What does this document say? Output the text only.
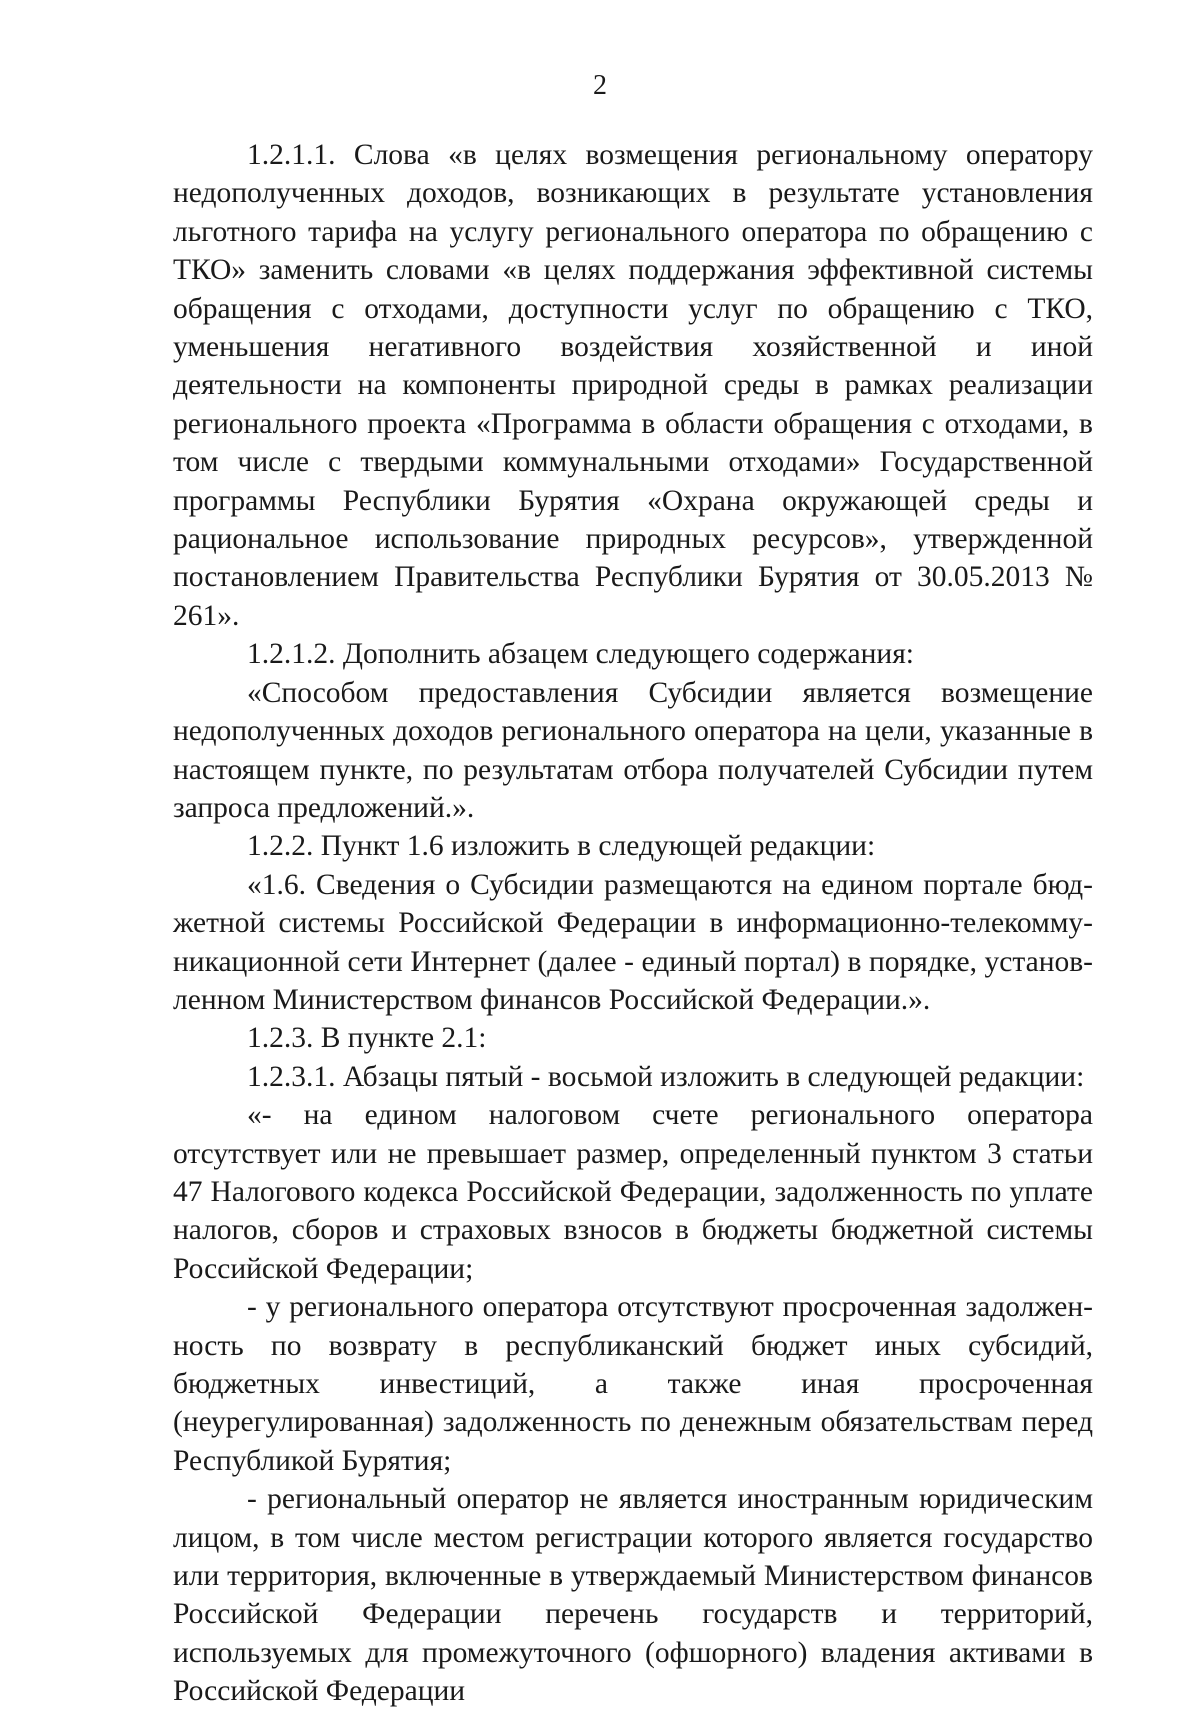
2

1.2.1.1. Слова «в целях возмещения региональному оператору недополученных доходов, возникающих в результате установления льготного тарифа на услугу регионального оператора по обращению с ТКО» заменить словами «в целях поддержания эффективной системы обращения с отходами, доступности услуг по обращению с ТКО, уменьшения негативного воздействия хозяйственной и иной деятельности на компоненты природной среды в рамках реализации регионального проекта «Программа в области обращения с отходами, в том числе с твердыми коммунальными отходами» Государственной программы Республики Бурятия «Охрана окружающей среды и рациональное использование природных ресурсов», утвержденной постановлением Правительства Республики Бурятия от 30.05.2013 № 261».

1.2.1.2. Дополнить абзацем следующего содержания:

«Способом предоставления Субсидии является возмещение недополученных доходов регионального оператора на цели, указанные в настоящем пункте, по результатам отбора получателей Субсидии путем запроса предложений.».

1.2.2. Пункт 1.6 изложить в следующей редакции:

«1.6. Сведения о Субсидии размещаются на едином портале бюджетной системы Российской Федерации в информационно-телекоммуникационной сети Интернет (далее - единый портал) в порядке, установленном Министерством финансов Российской Федерации.».

1.2.3. В пункте 2.1:

1.2.3.1. Абзацы пятый - восьмой изложить в следующей редакции:

«- на едином налоговом счете регионального оператора отсутствует или не превышает размер, определенный пунктом 3 статьи 47 Налогового кодекса Российской Федерации, задолженность по уплате налогов, сборов и страховых взносов в бюджеты бюджетной системы Российской Федерации;

- у регионального оператора отсутствуют просроченная задолженность по возврату в республиканский бюджет иных субсидий, бюджетных инвестиций, а также иная просроченная (неурегулированная) задолженность по денежным обязательствам перед Республикой Бурятия;

- региональный оператор не является иностранным юридическим лицом, в том числе местом регистрации которого является государство или территория, включенные в утверждаемый Министерством финансов Российской Федерации перечень государств и территорий, используемых для промежуточного (офшорного) владения активами в Российской Федерации
